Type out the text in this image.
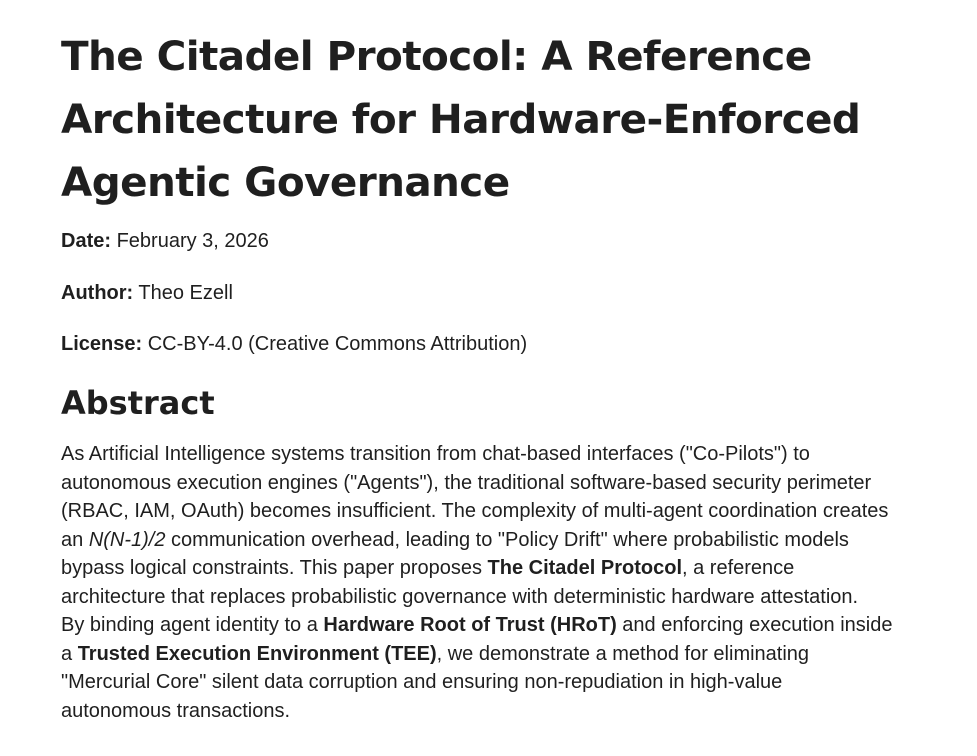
The Citadel Protocol: A Reference
Architecture for Hardware-Enforced
Agentic Governance
Date: February 3, 2026
Author: Theo Ezell
License: CC-BY-4.0 (Creative Commons Attribution)
Abstract

As Artificial Intelligence systems transition from chat-based interfaces ("Co-Pilots") to
autonomous execution engines ("Agents"), the traditional software-based security perimeter
(RBAC, IAM, OAuth) becomes insufficient. The complexity of multi-agent coordination creates
an N(N-1)/2 communication overhead, leading to "Policy Drift" where probabilistic models
bypass logical constraints. This paper proposes The Citadel Protocol, a reference
architecture that replaces probabilistic governance with deterministic hardware attestation.
By binding agent identity to a Hardware Root of Trust (HRoT) and enforcing execution inside
a Trusted Execution Environment (TEE), we demonstrate a method for eliminating
"Mercurial Core" silent data corruption and ensuring non-repudiation in high-value
autonomous transactions.
